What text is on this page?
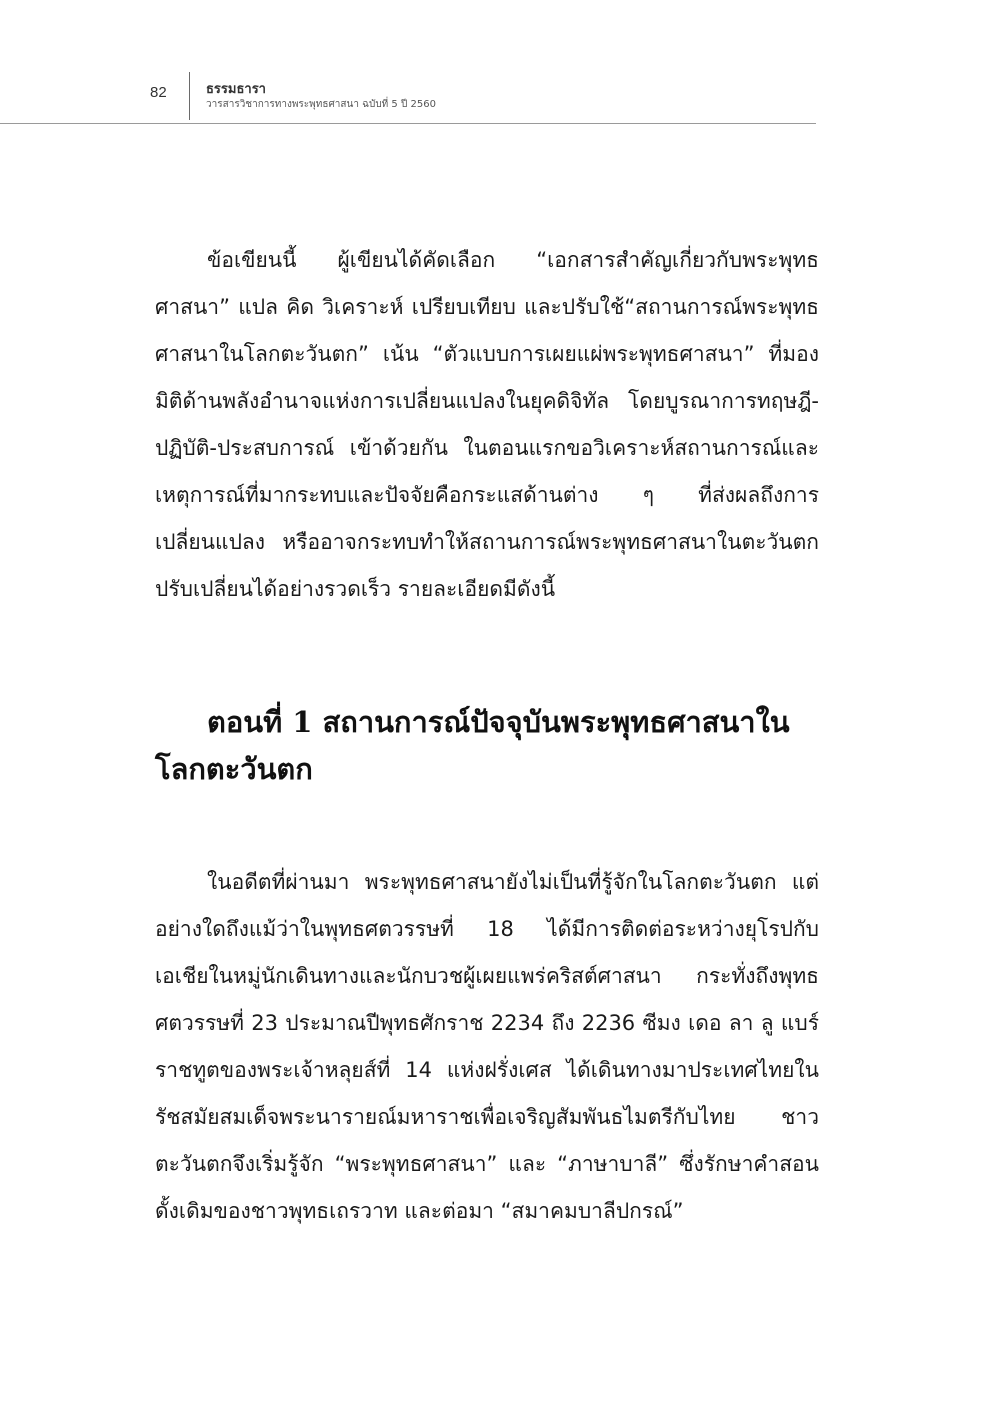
82	ธรรมธารา
วารสารวิชาการทางพระพุทธศาสนา ฉบับที่ 5 ปี 2560

ข้อเขียนนี้ ผู้เขียนได้คัดเลือก “เอกสารสำคัญเกี่ยวกับพระพุทธศาสนา” แปล คิด วิเคราะห์ เปรียบเทียบ และปรับใช้“สถานการณ์พระพุทธศาสนาในโลกตะวันตก” เน้น “ตัวแบบการเผยแผ่พระพุทธศาสนา” ที่มองมิติด้านพลังอำนาจแห่งการเปลี่ยนแปลงในยุคดิจิทัล โดยบูรณาการทฤษฎี-ปฏิบัติ-ประสบการณ์ เข้าด้วยกัน ในตอนแรกขอวิเคราะห์สถานการณ์และเหตุการณ์ที่มากระทบและปัจจัยคือกระแสด้านต่าง ๆ ที่ส่งผลถึงการเปลี่ยนแปลง หรืออาจกระทบทำให้สถานการณ์พระพุทธศาสนาในตะวันตกปรับเปลี่ยนได้อย่างรวดเร็ว รายละเอียดมีดังนี้

ตอนที่ 1 สถานการณ์ปัจจุบันพระพุทธศาสนาในโลกตะวันตก

ในอดีตที่ผ่านมา พระพุทธศาสนายังไม่เป็นที่รู้จักในโลกตะวันตก แต่อย่างใดถึงแม้ว่าในพุทธศตวรรษที่ 18 ได้มีการติดต่อระหว่างยุโรปกับเอเชียในหมู่นักเดินทางและนักบวชผู้เผยแพร่คริสต์ศาสนา กระทั่งถึงพุทธศตวรรษที่ 23 ประมาณปีพุทธศักราช 2234 ถึง 2236 ซีมง เดอ ลา ลู แบร์ ราชทูตของพระเจ้าหลุยส์ที่ 14 แห่งฝรั่งเศส ได้เดินทางมาประเทศไทยในรัชสมัยสมเด็จพระนารายณ์มหาราชเพื่อเจริญสัมพันธไมตรีกับไทย ชาวตะวันตกจึงเริ่มรู้จัก “พระพุทธศาสนา” และ “ภาษาบาลี” ซึ่งรักษาคำสอนดั้งเดิมของชาวพุทธเถรวาท และต่อมา “สมาคมบาลีปกรณ์”
